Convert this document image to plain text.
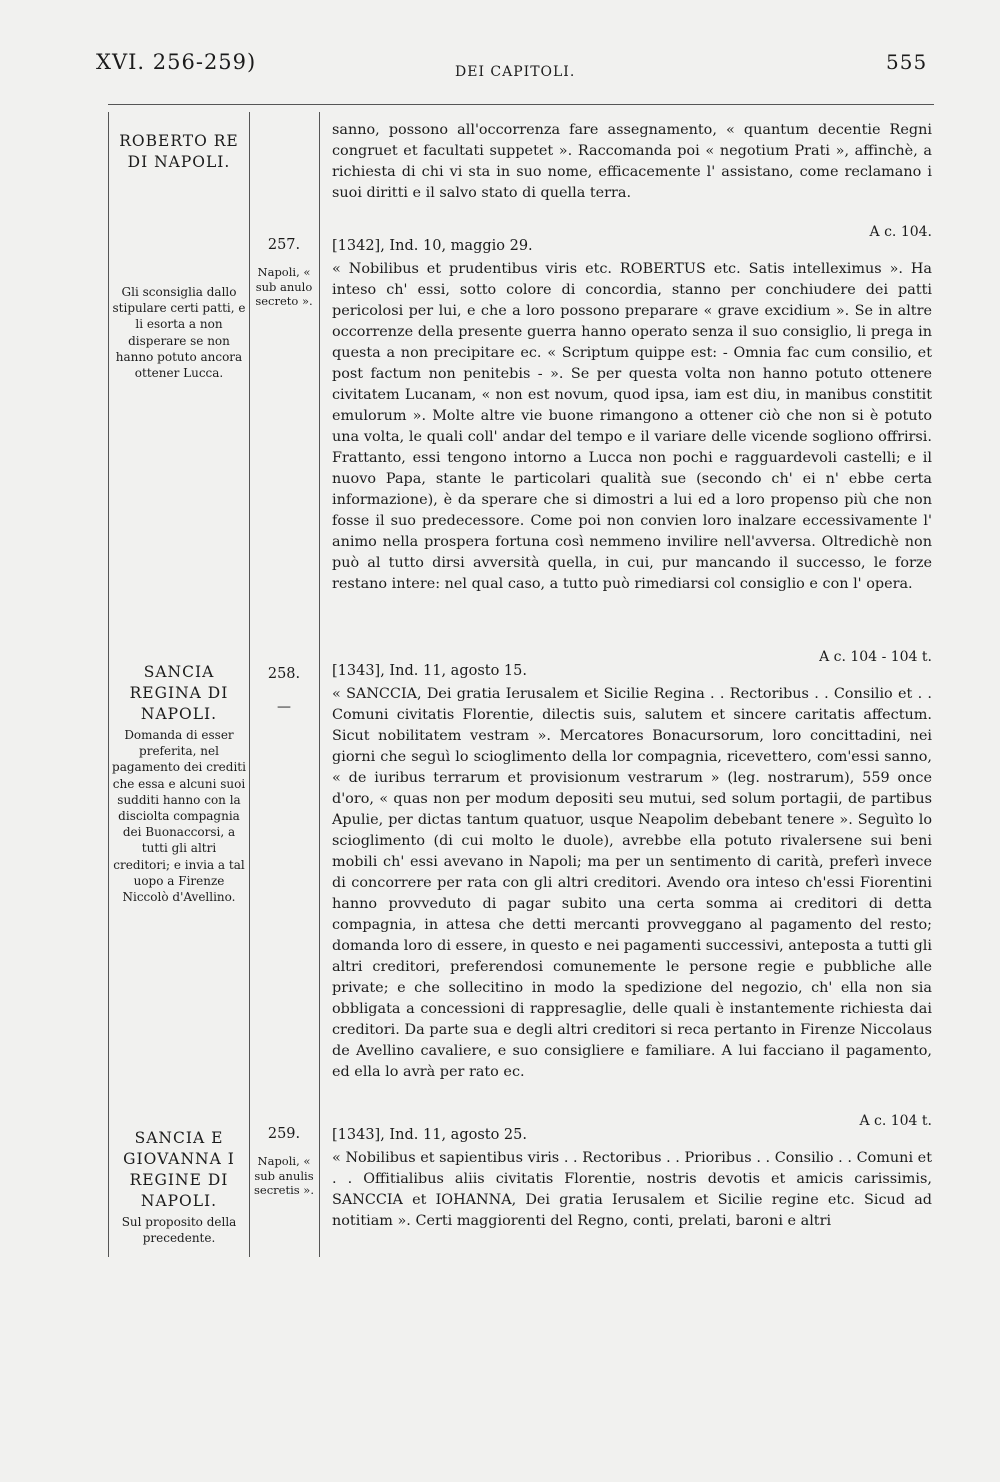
XVI. 256-259)	DEI CAPITOLI.	555
ROBERTO RE DI NAPOLI.
sanno, possono all'occorrenza fare assegnamento, « quantum decentie Regni congruet et facultati suppetet ». Raccomanda poi « negotium Prati », affinchè, a richiesta di chi vi sta in suo nome, efficacemente l' assistano, come reclamano i suoi diritti e il salvo stato di quella terra.
Gli sconsiglia dallo stipulare certi patti, e li esorta a non disperare se non hanno potuto ancora ottener Lucca.
257.
Napoli, « sub anulo secreto ».
[1342], Ind. 10, maggio 29.
A c. 104.
« Nobilibus et prudentibus viris etc. ROBERTUS etc. Satis intelleximus ». Ha inteso ch' essi, sotto colore di concordia, stanno per conchiudere dei patti pericolosi per lui, e che a loro possono preparare « grave excidium ». Se in altre occorrenze della presente guerra hanno operato senza il suo consiglio, li prega in questa a non precipitare ec. « Scriptum quippe est: - Omnia fac cum consilio, et post factum non penitebis - ». Se per questa volta non hanno potuto ottenere civitatem Lucanam, « non est novum, quod ipsa, iam est diu, in manibus constitit emulorum ». Molte altre vie buone rimangono a ottener ciò che non si è potuto una volta, le quali coll' andar del tempo e il variare delle vicende sogliono offrirsi. Frattanto, essi tengono intorno a Lucca non pochi e ragguardevoli castelli; e il nuovo Papa, stante le particolari qualità sue (secondo ch' ei n' ebbe certa informazione), è da sperare che si dimostri a lui ed a loro propenso più che non fosse il suo predecessore. Come poi non convien loro inalzare eccessivamente l' animo nella prospera fortuna così nemmeno invilire nell'avversa. Oltredichè non può al tutto dirsi avversità quella, in cui, pur mancando il successo, le forze restano intere: nel qual caso, a tutto può rimediarsi col consiglio e con l' opera.
SANCIA REGINA DI NAPOLI.
Domanda di esser preferita, nel pagamento dei crediti che essa e alcuni suoi sudditi hanno con la disciolta compagnia dei Buonaccorsi, a tutti gli altri creditori; e invia a tal uopo a Firenze Niccolò d'Avellino.
258.
—
[1343], Ind. 11, agosto 15.
A c. 104 - 104 t.
« SANCCIA, Dei gratia Ierusalem et Sicilie Regina . . Rectoribus . . Consilio et . . Comuni civitatis Florentie, dilectis suis, salutem et sincere caritatis affectum. Sicut nobilitatem vestram ». Mercatores Bonacursorum, loro concittadini, nei giorni che seguì lo scioglimento della lor compagnia, ricevettero, com'essi sanno, « de iuribus terrarum et provisionum vestrarum » (leg. nostrarum), 559 once d'oro, « quas non per modum depositi seu mutui, sed solum portagii, de partibus Apulie, per dictas tantum quatuor, usque Neapolim debebant tenere ». Seguìto lo scioglimento (di cui molto le duole), avrebbe ella potuto rivalersene sui beni mobili ch' essi avevano in Napoli; ma per un sentimento di carità, preferì invece di concorrere per rata con gli altri creditori. Avendo ora inteso ch'essi Fiorentini hanno provveduto di pagar subito una certa somma ai creditori di detta compagnia, in attesa che detti mercanti provveggano al pagamento del resto; domanda loro di essere, in questo e nei pagamenti successivi, anteposta a tutti gli altri creditori, preferendosi comunemente le persone regie e pubbliche alle private; e che sollecitino in modo la spedizione del negozio, ch' ella non sia obbligata a concessioni di rappresaglie, delle quali è instantemente richiesta dai creditori. Da parte sua e degli altri creditori si reca pertanto in Firenze Niccolaus de Avellino cavaliere, e suo consigliere e familiare. A lui facciano il pagamento, ed ella lo avrà per rato ec.
SANCIA E GIOVANNA I REGINE DI NAPOLI.
Sul proposito della precedente.
259.
Napoli, « sub anulis secretis ».
[1343], Ind. 11, agosto 25.
A c. 104 t.
« Nobilibus et sapientibus viris . . Rectoribus . . Prioribus . . Consilio . . Comuni et . . Offitialibus aliis civitatis Florentie, nostris devotis et amicis carissimis, SANCCIA et IOHANNA, Dei gratia Ierusalem et Sicilie regine etc. Sicud ad notitiam ». Certi maggiorenti del Regno, conti, prelati, baroni e altri
